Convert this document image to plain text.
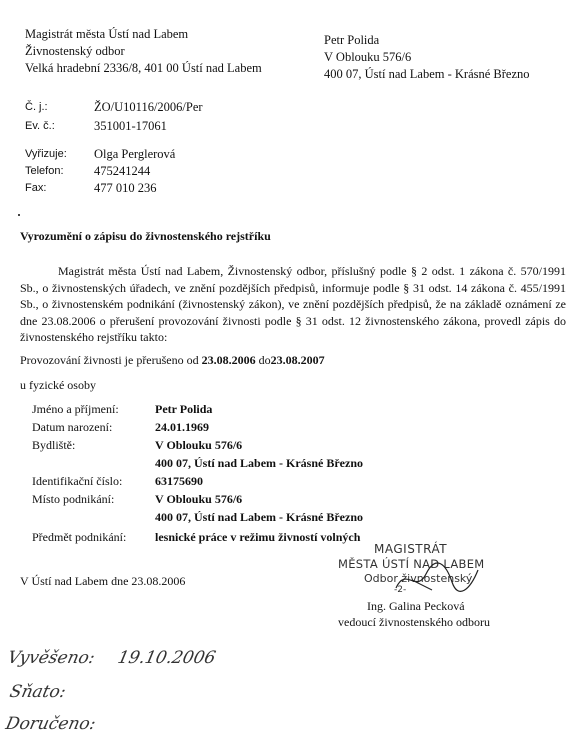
Magistrát města Ústí nad Labem
Živnostenský odbor
Velká hradební 2336/8, 401 00 Ústí nad Labem
Petr Polida
V Oblouku 576/6
400 07, Ústí nad Labem - Krásné Březno
Č. j.:	ŽO/U10116/2006/Per
Ev. č.:	351001-17061
Vyřizuje: Olga Perglerová
Telefon: 475241244
Fax:	477 010 236
Vyrozumění o zápisu do živnostenského rejstříku
Magistrát města Ústí nad Labem, Živnostenský odbor, příslušný podle § 2 odst. 1 zákona č. 570/1991 Sb., o živnostenských úřadech, ve znění pozdějších předpisů, informuje podle § 31 odst. 14 zákona č. 455/1991 Sb., o živnostenském podnikání (živnostenský zákon), ve znění pozdějších předpisů, že na základě oznámení ze dne 23.08.2006 o přerušení provozování živnosti podle § 31 odst. 12 živnostenského zákona, provedl zápis do živnostenského rejstříku takto:
Provozování živnosti je přerušeno od 23.08.2006 do23.08.2007
u fyzické osoby
Jméno a příjmení:	Petr Polida
Datum narození:	24.01.1969
Bydliště:	V Oblouku 576/6
400 07, Ústí nad Labem - Krásné Březno
Identifikační číslo:	63175690
Místo podnikání:	V Oblouku 576/6
400 07, Ústí nad Labem - Krásné Březno
Předmět podnikání: lesnické práce v režimu živností volných
V Ústí nad Labem dne 23.08.2006
MAGISTRÁT
MĚSTA ÚSTÍ NAD LABEM
Odbor živnostenský
-2-
Ing. Galina Pecková
vedoucí živnostenského odboru
Vyvěšeno: 19.10.2006
Sňato:
Doručeno:
